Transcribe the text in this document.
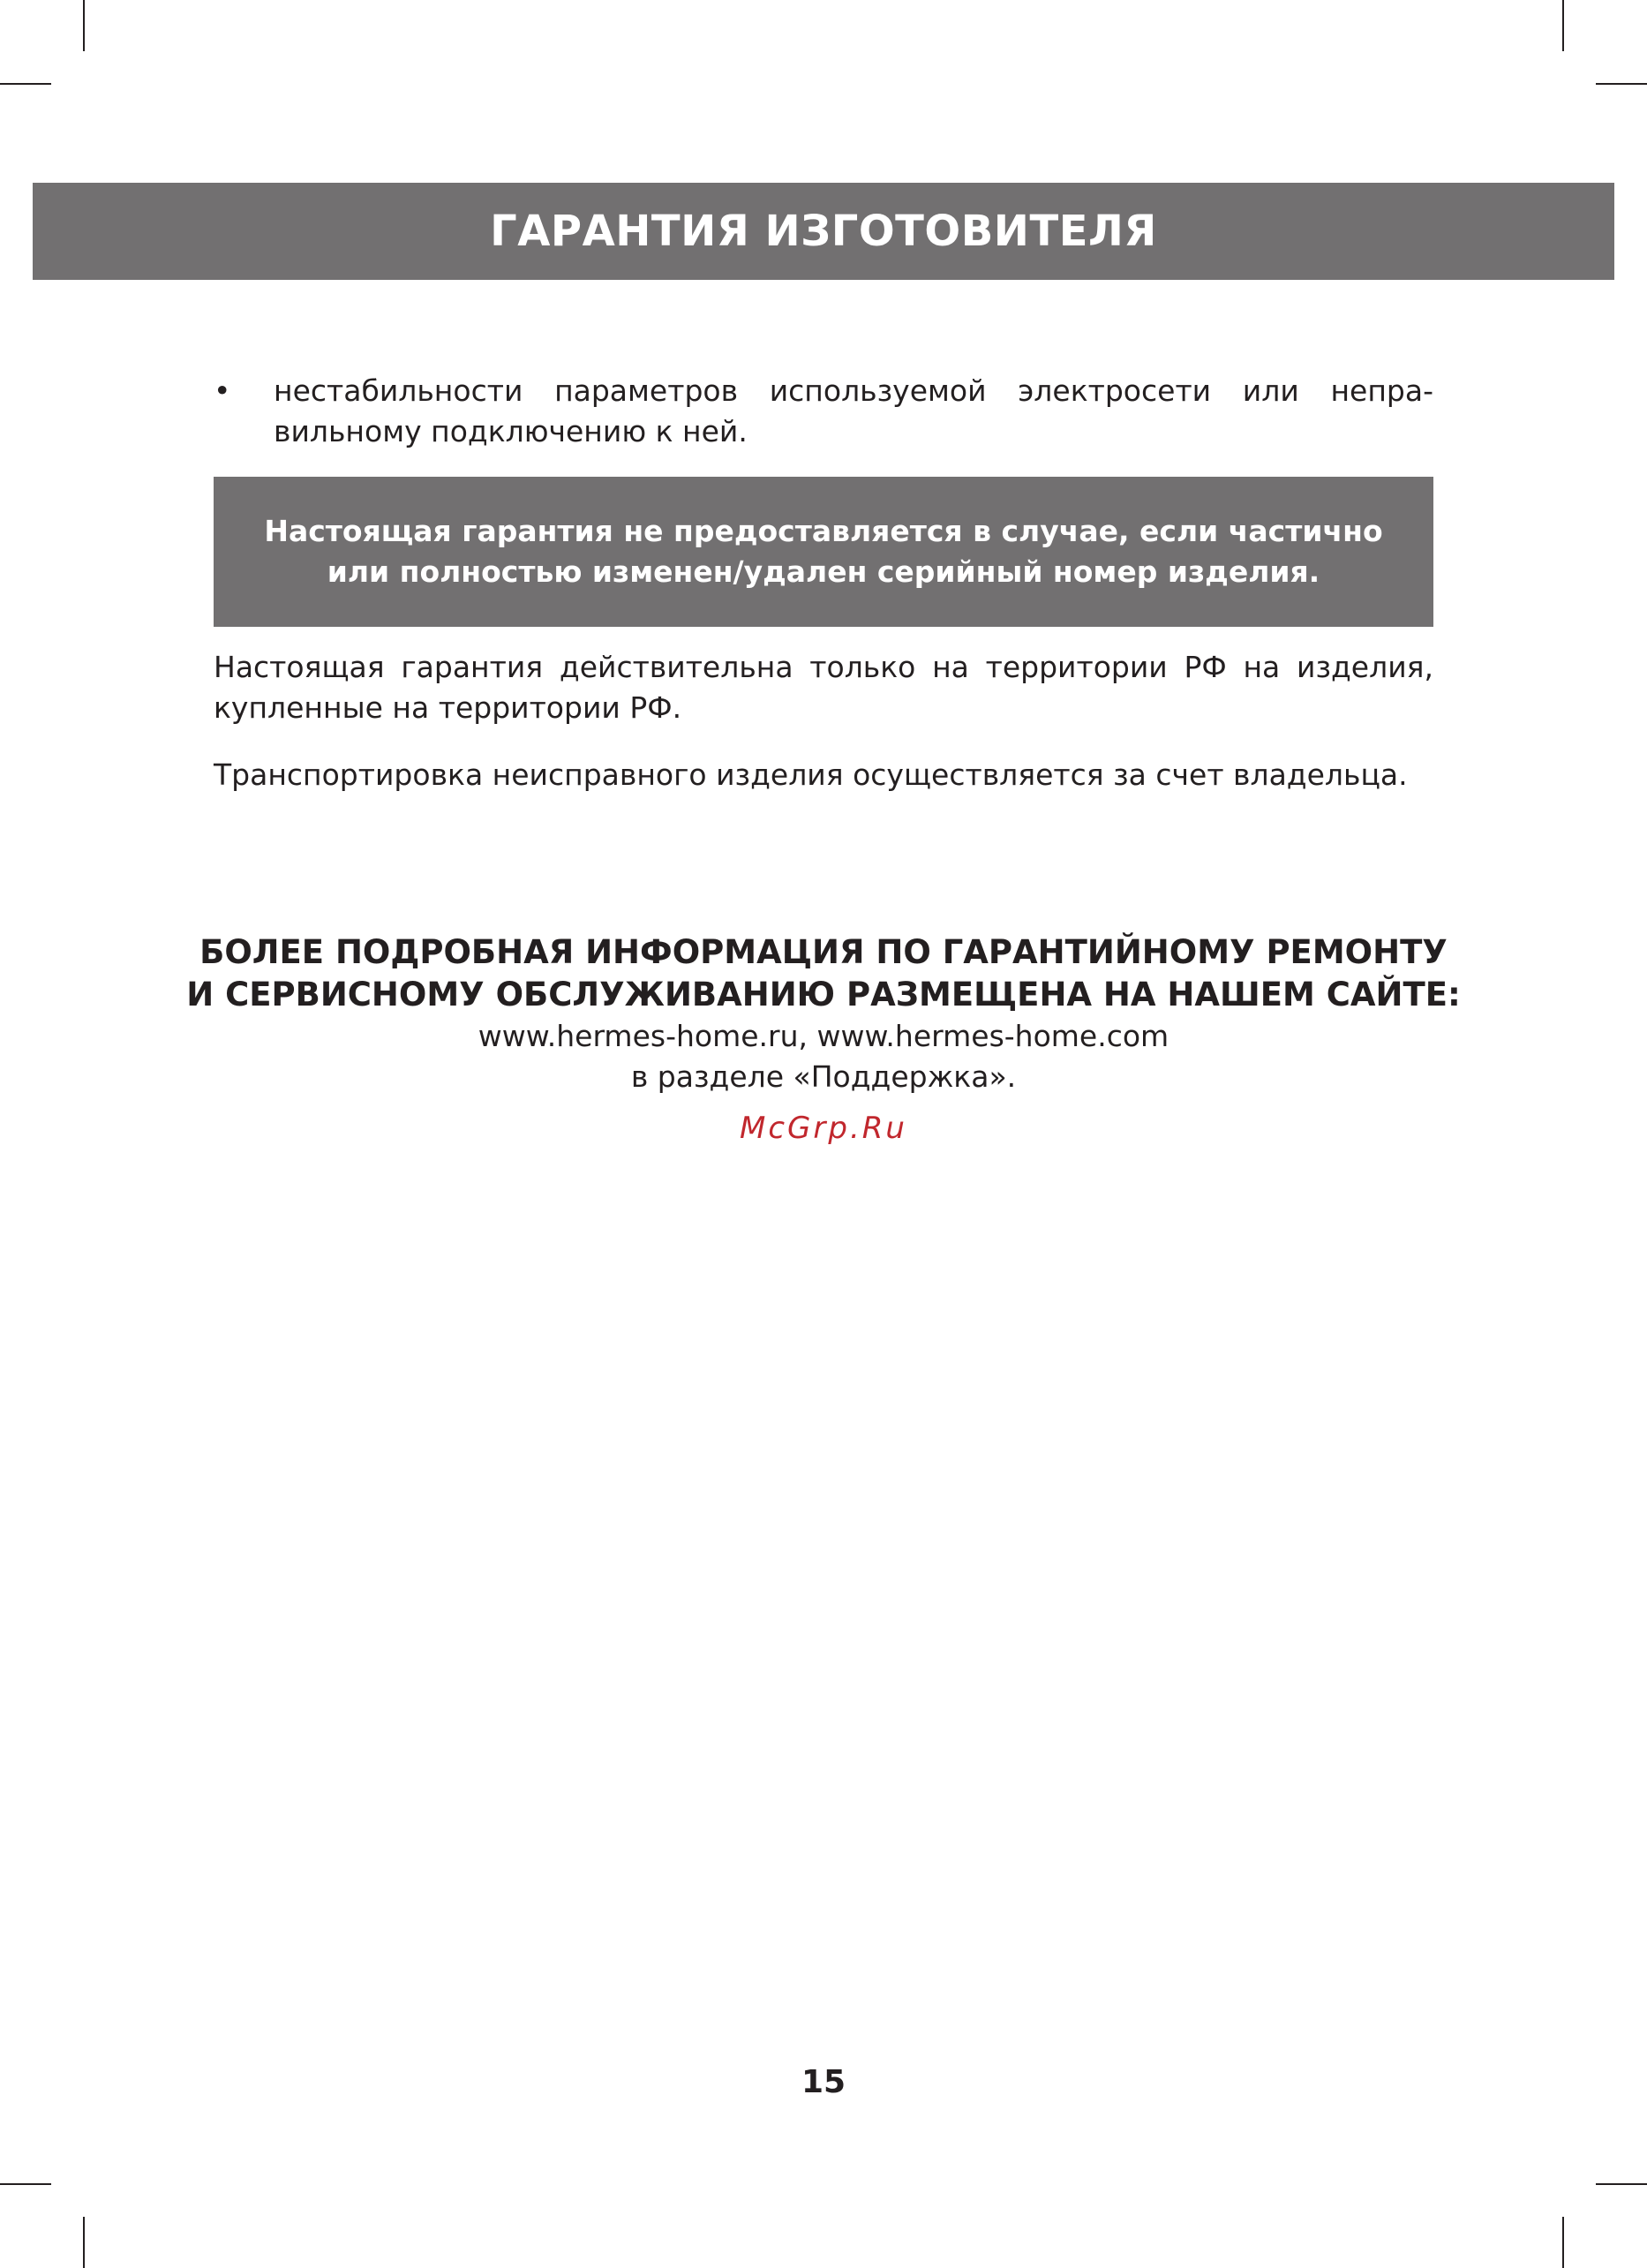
ГАРАНТИЯ ИЗГОТОВИТЕЛЯ
•	нестабильности параметров используемой электросети или непра-вильному подключению к ней.
Настоящая гарантия не предоставляется в случае, если частично
или полностью изменен/удален серийный номер изделия.
Настоящая гарантия действительна только на территории РФ на изделия, купленные на территории РФ.
Транспортировка неисправного изделия осуществляется за счет владельца.
БОЛЕЕ ПОДРОБНАЯ ИНФОРМАЦИЯ ПО ГАРАНТИЙНОМУ РЕМОНТУ
И СЕРВИСНОМУ ОБСЛУЖИВАНИЮ РАЗМЕЩЕНА НА НАШЕМ САЙТЕ:
www.hermes-home.ru, www.hermes-home.com
в разделе «Поддержка».
McGrp.Ru
15
